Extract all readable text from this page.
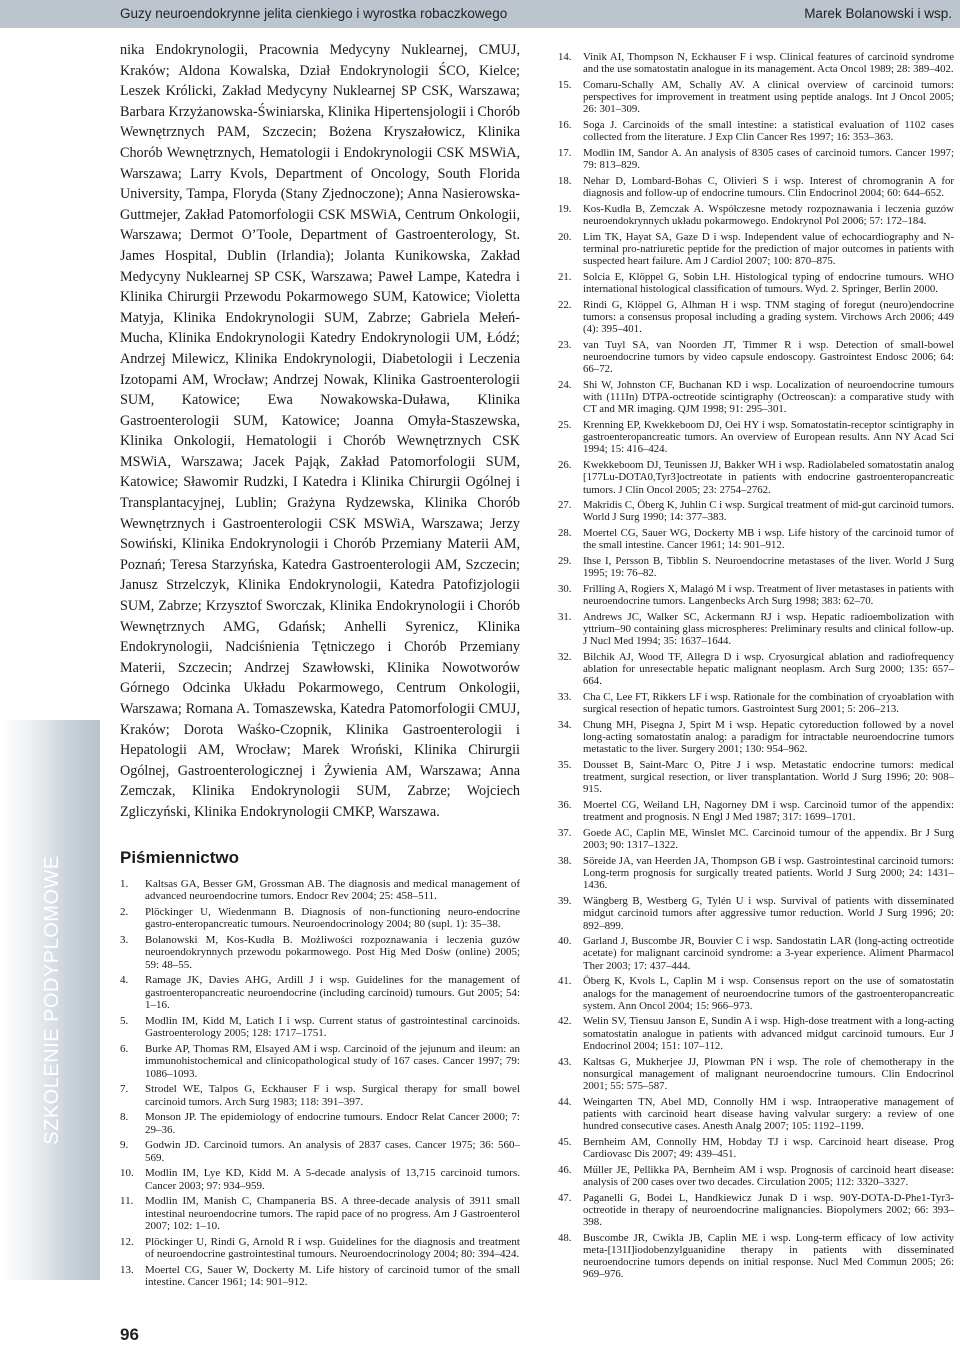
Guzy neuroendokrynne jelita cienkiego i wyrostka robaczkowego	Marek Bolanowski i wsp.
SZKOLENIE PODYPLOMOWE

nika Endokrynologii, Pracownia Medycyny Nuklearnej, CMUJ, Kraków; Aldona Kowalska, Dział Endokrynologii ŚCO, Kielce; Leszek Królicki, Zakład Medycyny Nuklearnej SP CSK, Warszawa; Barbara Krzyżanowska-Świniarska, Klinika Hipertensjologii i Chorób Wewnętrznych PAM, Szczecin; Bożena Kryszałowicz, Klinika Chorób Wewnętrznych, Hematologii i Endokrynologii CSK MSWiA, Warszawa; Larry Kvols, Department of Oncology, South Florida University, Tampa, Floryda (Stany Zjednoczone); Anna Nasierowska-Guttmejer, Zakład Patomorfologii CSK MSWiA, Centrum Onkologii, Warszawa; Dermot O’Toole, Department of Gastroenterology, St. James Hospital, Dublin (Irlandia); Jolanta Kunikowska, Zakład Medycyny Nuklearnej SP CSK, Warszawa; Paweł Lampe, Katedra i Klinika Chirurgii Przewodu Pokarmowego SUM, Katowice; Violetta Matyja, Klinika Endokrynologii SUM, Zabrze; Gabriela Mełeń-Mucha, Klinika Endokrynologii Katedry Endokrynologii UM, Łódź; Andrzej Milewicz, Klinika Endokrynologii, Diabetologii i Leczenia Izotopami AM, Wrocław; Andrzej Nowak, Klinika Gastroenterologii SUM, Katowice; Ewa Nowakowska-Duława, Klinika Gastroenterologii SUM, Katowice; Joanna Omyła-Staszewska, Klinika Onkologii, Hematologii i Chorób Wewnętrznych CSK MSWiA, Warszawa; Jacek Pająk, Zakład Patomorfologii SUM, Katowice; Sławomir Rudzki, I Katedra i Klinika Chirurgii Ogólnej i Transplantacyjnej, Lublin; Grażyna Rydzewska, Klinika Chorób Wewnętrznych i Gastroenterologii CSK MSWiA, Warszawa; Jerzy Sowiński, Klinika Endokrynologii i Chorób Przemiany Materii AM, Poznań; Teresa Starzyńska, Katedra Gastroenterologii AM, Szczecin; Janusz Strzelczyk, Klinika Endokrynologii, Katedra Patofizjologii SUM, Zabrze; Krzysztof Sworczak, Klinika Endokrynologii i Chorób Wewnętrznych AMG, Gdańsk; Anhelli Syrenicz, Klinika Endokrynologii, Nadciśnienia Tętniczego i Chorób Przemiany Materii, Szczecin; Andrzej Szawłowski, Klinika Nowotworów Górnego Odcinka Układu Pokarmowego, Centrum Onkologii, Warszawa; Romana A. Tomaszewska, Katedra Patomorfologii CMUJ, Kraków; Dorota Waśko-Czopnik, Klinika Gastroenterologii i Hepatologii AM, Wrocław; Marek Wroński, Klinika Chirurgii Ogólnej, Gastroenterologicznej i Żywienia AM, Warszawa; Anna Zemczak, Klinika Endokrynologii SUM, Zabrze; Wojciech Zgliczyński, Klinika Endokrynologii CMKP, Warszawa.

Piśmiennictwo
1. Kaltsas GA, Besser GM, Grossman AB. The diagnosis and medical management of advanced neuroendocrine tumors. Endocr Rev 2004; 25: 458–511.
2. Plöckinger U, Wiedenmann B. Diagnosis of non-functioning neuro-endocrine gastro-enteropancreatic tumours. Neuroendocrinology 2004; 80 (supl. 1): 35–38.
3. Bolanowski M, Kos-Kudła B. Możliwości rozpoznawania i leczenia guzów neuroendokrynnych przewodu pokarmowego. Post Hig Med Dośw (online) 2005; 59: 48–55.
4. Ramage JK, Davies AHG, Ardill J i wsp. Guidelines for the management of gastroenteropancreatic neuroendocrine (including carcinoid) tumours. Gut 2005; 54: 1–16.
5. Modlin IM, Kidd M, Latich I i wsp. Current status of gastrointestinal carcinoids. Gastroenterology 2005; 128: 1717–1751.
6. Burke AP, Thomas RM, Elsayed AM i wsp. Carcinoid of the jejunum and ileum: an immunohistochemical and clinicopathological study of 167 cases. Cancer 1997; 79: 1086–1093.
7. Strodel WE, Talpos G, Eckhauser F i wsp. Surgical therapy for small bowel carcinoid tumors. Arch Surg 1983; 118: 391–397.
8. Monson JP. The epidemiology of endocrine tumours. Endocr Relat Cancer 2000; 7: 29–36.
9. Godwin JD. Carcinoid tumors. An analysis of 2837 cases. Cancer 1975; 36: 560–569.
10. Modlin IM, Lye KD, Kidd M. A 5-decade analysis of 13,715 carcinoid tumors. Cancer 2003; 97: 934–959.
11. Modlin IM, Manish C, Champaneria BS. A three-decade analysis of 3911 small intestinal neuroendocrine tumors. The rapid pace of no progress. Am J Gastroenterol 2007; 102: 1–10.
12. Plöckinger U, Rindi G, Arnold R i wsp. Guidelines for the diagnosis and treatment of neuroendocrine gastrointestinal tumours. Neuroendocrinology 2004; 80: 394–424.
13. Moertel CG, Sauer W, Dockerty M. Life history of carcinoid tumor of the small intestine. Cancer 1961; 14: 901–912.
14. Vinik AI, Thompson N, Eckhauser F i wsp. Clinical features of carcinoid syndrome and the use somatostatin analogue in its management. Acta Oncol 1989; 28: 389–402.
15. Comaru-Schally AM, Schally AV. A clinical overview of carcinoid tumors: perspectives for improvement in treatment using peptide analogs. Int J Oncol 2005; 26: 301–309.
16. Soga J. Carcinoids of the small intestine: a statistical evaluation of 1102 cases collected from the literature. J Exp Clin Cancer Res 1997; 16: 353–363.
17. Modlin IM, Sandor A. An analysis of 8305 cases of carcinoid tumors. Cancer 1997; 79: 813–829.
18. Nehar D, Lombard-Bohas C, Olivieri S i wsp. Interest of chromogranin A for diagnosis and follow-up of endocrine tumours. Clin Endocrinol 2004; 60: 644–652.
19. Kos-Kudła B, Zemczak A. Współczesne metody rozpoznawania i leczenia guzów neuroendokrynnych układu pokarmowego. Endokrynol Pol 2006; 57: 172–184.
20. Lim TK, Hayat SA, Gaze D i wsp. Independent value of echocardiography and N-terminal pro-natriuretic peptide for the prediction of major outcomes in patients with suspected heart failure. Am J Cardiol 2007; 100: 870–875.
21. Solcia E, Klöppel G, Sobin LH. Histological typing of endocrine tumours. WHO international histological classification of tumours. Wyd. 2. Springer, Berlin 2000.
22. Rindi G, Klöppel G, Alhman H i wsp. TNM staging of foregut (neuro)endocrine tumors: a consensus proposal including a grading system. Virchows Arch 2006; 449 (4): 395–401.
23. van Tuyl SA, van Noorden JT, Timmer R i wsp. Detection of small-bowel neuroendocrine tumors by video capsule endoscopy. Gastrointest Endosc 2006; 64: 66–72.
24. Shi W, Johnston CF, Buchanan KD i wsp. Localization of neuroendocrine tumours with (111In) DTPA-octreotide scintigraphy (Octreoscan): a comparative study with CT and MR imaging. QJM 1998; 91: 295–301.
25. Krenning EP, Kwekkeboom DJ, Oei HY i wsp. Somatostatin-receptor scintigraphy in gastroenteropancreatic tumors. An overview of European results. Ann NY Acad Sci 1994; 15: 416–424.
26. Kwekkeboom DJ, Teunissen JJ, Bakker WH i wsp. Radiolabeled somatostatin analog [177Lu-DOTA0,Tyr3]octreotate in patients with endocrine gastroenteropancreatic tumors. J Clin Oncol 2005; 23: 2754–2762.
27. Makridis C, Öberg K, Juhlin C i wsp. Surgical treatment of mid-gut carcinoid tumors. World J Surg 1990; 14: 377–383.
28. Moertel CG, Sauer WG, Dockerty MB i wsp. Life history of the carcinoid tumor of the small intestine. Cancer 1961; 14: 901–912.
29. Ihse I, Persson B, Tibblin S. Neuroendocrine metastases of the liver. World J Surg 1995; 19: 76–82.
30. Frilling A, Rogiers X, Malagó M i wsp. Treatment of liver metastases in patients with neuroendocrine tumors. Langenbecks Arch Surg 1998; 383: 62–70.
31. Andrews JC, Walker SC, Ackermann RJ i wsp. Hepatic radioembolization with yttrium–90 containing glass microspheres: Preliminary results and clinical follow-up. J Nucl Med 1994; 35: 1637–1644.
32. Bilchik AJ, Wood TF, Allegra D i wsp. Cryosurgical ablation and radiofrequency ablation for unresectable hepatic malignant neoplasm. Arch Surg 2000; 135: 657–664.
33. Cha C, Lee FT, Rikkers LF i wsp. Rationale for the combination of cryoablation with surgical resection of hepatic tumors. Gastrointest Surg 2001; 5: 206–213.
34. Chung MH, Pisegna J, Spirt M i wsp. Hepatic cytoreduction followed by a novel long-acting somatostatin analog: a paradigm for intractable neuroendocrine tumors metastatic to the liver. Surgery 2001; 130: 954–962.
35. Dousset B, Saint-Marc O, Pitre J i wsp. Metastatic endocrine tumors: medical treatment, surgical resection, or liver transplantation. World J Surg 1996; 20: 908–915.
36. Moertel CG, Weiland LH, Nagorney DM i wsp. Carcinoid tumor of the appendix: treatment and prognosis. N Engl J Med 1987; 317: 1699–1701.
37. Goede AC, Caplin ME, Winslet MC. Carcinoid tumour of the appendix. Br J Surg 2003; 90: 1317–1322.
38. Söreide JA, van Heerden JA, Thompson GB i wsp. Gastrointestinal carcinoid tumors: Long-term prognosis for surgically treated patients. World J Surg 2000; 24: 1431–1436.
39. Wängberg B, Westberg G, Tylén U i wsp. Survival of patients with disseminated midgut carcinoid tumors after aggressive tumor reduction. World J Surg 1996; 20: 892–899.
40. Garland J, Buscombe JR, Bouvier C i wsp. Sandostatin LAR (long-acting octreotide acetate) for malignant carcinoid syndrome: a 3-year experience. Aliment Pharmacol Ther 2003; 17: 437–444.
41. Öberg K, Kvols L, Caplin M i wsp. Consensus report on the use of somatostatin analogs for the management of neuroendocrine tumors of the gastroenteropancreatic system. Ann Oncol 2004; 15: 966–973.
42. Welin SV, Tiensuu Janson E, Sundin A i wsp. High-dose treatment with a long-acting somatostatin analogue in patients with advanced midgut carcinoid tumours. Eur J Endocrinol 2004; 151: 107–112.
43. Kaltsas G, Mukherjee JJ, Plowman PN i wsp. The role of chemotherapy in the nonsurgical management of malignant neuroendocrine tumours. Clin Endocrinol 2001; 55: 575–587.
44. Weingarten TN, Abel MD, Connolly HM i wsp. Intraoperative management of patients with carcinoid heart disease having valvular surgery: a review of one hundred consecutive cases. Anesth Analg 2007; 105: 1192–1199.
45. Bernheim AM, Connolly HM, Hobday TJ i wsp. Carcinoid heart disease. Prog Cardiovasc Dis 2007; 49: 439–451.
46. Müller JE, Pellikka PA, Bernheim AM i wsp. Prognosis of carcinoid heart disease: analysis of 200 cases over two decades. Circulation 2005; 112: 3320–3327.
47. Paganelli G, Bodei L, Handkiewicz Junak D i wsp. 90Y-DOTA-D-Phe1-Tyr3-octreotide in therapy of neuroendocrine malignancies. Biopolymers 2002; 66: 393–398.
48. Buscombe JR, Cwikla JB, Caplin ME i wsp. Long-term efficacy of low activity meta-[131I]iodobenzylguanidine therapy in patients with disseminated neuroendocrine tumors depends on initial response. Nucl Med Commun 2005; 26: 969–976.
96
